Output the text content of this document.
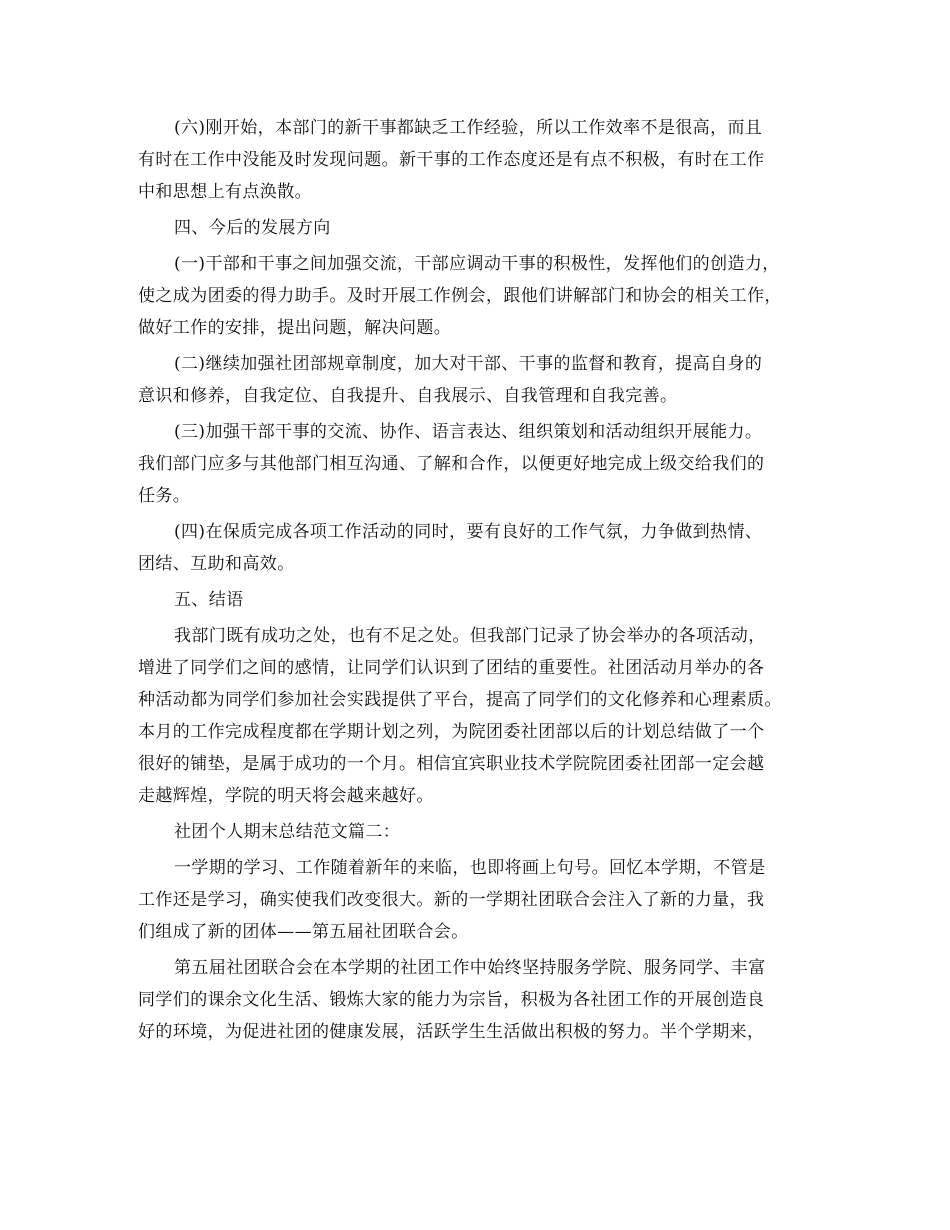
(六)刚开始，本部门的新干事都缺乏工作经验，所以工作效率不是很高，而且
有时在工作中没能及时发现问题。新干事的工作态度还是有点不积极，有时在工作
中和思想上有点涣散。

四、今后的发展方向

(一)干部和干事之间加强交流，干部应调动干事的积极性，发挥他们的创造力，
使之成为团委的得力助手。及时开展工作例会，跟他们讲解部门和协会的相关工作，
做好工作的安排，提出问题，解决问题。

(二)继续加强社团部规章制度，加大对干部、干事的监督和教育，提高自身的
意识和修养，自我定位、自我提升、自我展示、自我管理和自我完善。

(三)加强干部干事的交流、协作、语言表达、组织策划和活动组织开展能力。
我们部门应多与其他部门相互沟通、了解和合作，以便更好地完成上级交给我们的
任务。

(四)在保质完成各项工作活动的同时，要有良好的工作气氛，力争做到热情、
团结、互助和高效。

五、结语

我部门既有成功之处，也有不足之处。但我部门记录了协会举办的各项活动，
增进了同学们之间的感情，让同学们认识到了团结的重要性。社团活动月举办的各
种活动都为同学们参加社会实践提供了平台，提高了同学们的文化修养和心理素质。
本月的工作完成程度都在学期计划之列，为院团委社团部以后的计划总结做了一个
很好的铺垫，是属于成功的一个月。相信宜宾职业技术学院院团委社团部一定会越
走越辉煌，学院的明天将会越来越好。

社团个人期末总结范文篇二：

一学期的学习、工作随着新年的来临，也即将画上句号。回忆本学期，不管是
工作还是学习，确实使我们改变很大。新的一学期社团联合会注入了新的力量，我
们组成了新的团体——第五届社团联合会。

第五届社团联合会在本学期的社团工作中始终坚持服务学院、服务同学、丰富
同学们的课余文化生活、锻炼大家的能力为宗旨，积极为各社团工作的开展创造良
好的环境，为促进社团的健康发展，活跃学生生活做出积极的努力。半个学期来，
